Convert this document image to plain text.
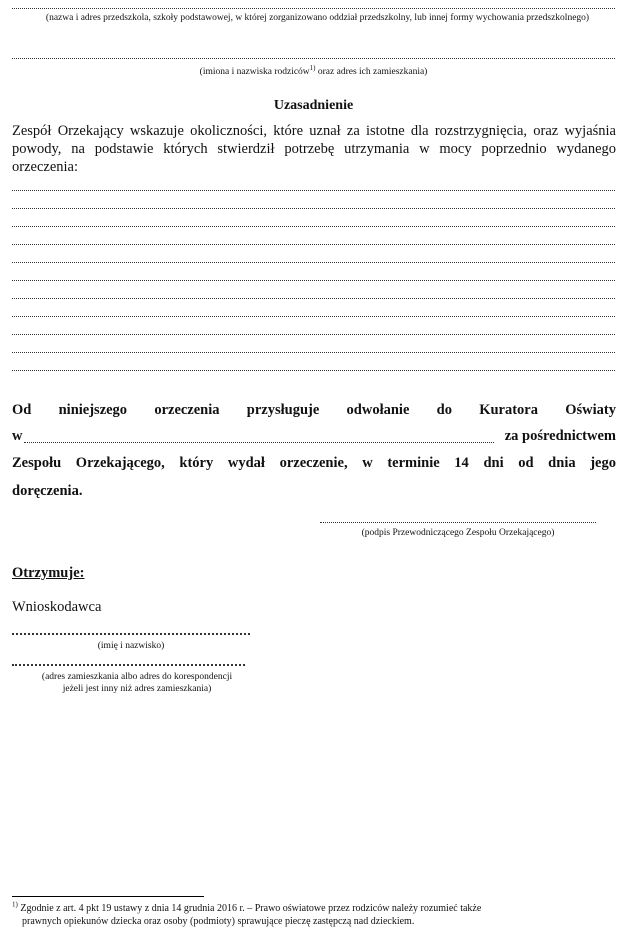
(nazwa i adres przedszkola, szkoły podstawowej, w której zorganizowano oddział przedszkolny, lub innej formy wychowania przedszkolnego)
(imiona i nazwiska rodziców$^{1)}$ oraz adres ich zamieszkania)
Uzasadnienie
Zespół Orzekający wskazuje okoliczności, które uznał za istotne dla rozstrzygnięcia, oraz wyjaśnia powody, na podstawie których stwierdził potrzebę utrzymania w mocy poprzednio wydanego orzeczenia:
Od niniejszego orzeczenia przysługuje odwołanie do Kuratora Oświaty
w	za pośrednictwem
Zespołu Orzekającego, który wydał orzeczenie, w terminie 14 dni od dnia jego
doręczenia.
(podpis Przewodniczącego Zespołu Orzekającego)
Otrzymuje:
Wnioskodawca
(imię i nazwisko)
(adres zamieszkania albo adres do korespondencji
jeżeli jest inny niż adres zamieszkania)
$^{1)}$ Zgodnie z art. 4 pkt 19 ustawy z dnia 14 grudnia 2016 r. – Prawo oświatowe przez rodziców należy rozumieć także
prawnych opiekunów dziecka oraz osoby (podmioty) sprawujące pieczę zastępczą nad dzieckiem.
